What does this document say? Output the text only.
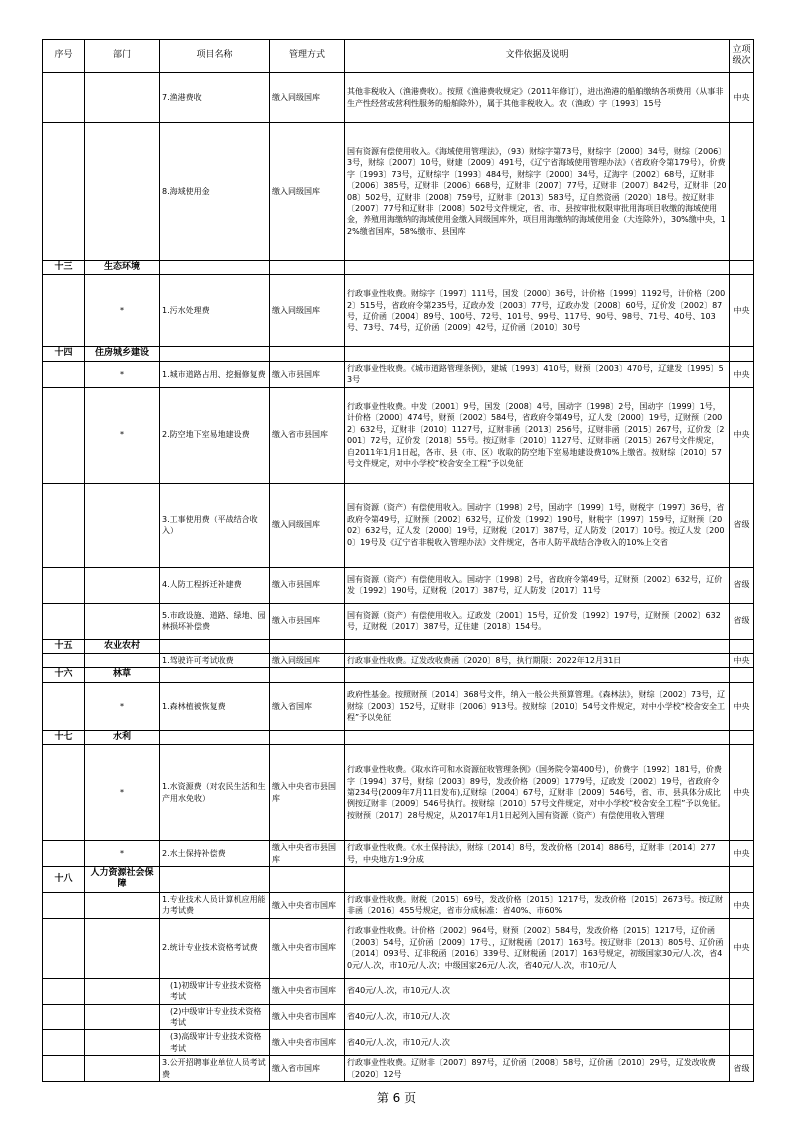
序号	部门	项目名称	管理方式	文件依据及说明	立项级次
		7.渔港费收	缴入同级国库	其他非税收入（渔港费收）。按照《渔港费收规定》（2011年修订），进出渔港的船舶缴纳各项费用（从事非生产性经营或营利性服务的船舶除外），属于其他非税收入。农（渔政）字〔1993〕15号	中央
		8.海域使用金	缴入同级国库	国有资源有偿使用收入。《海域使用管理法》，（93）财综字第73号，财综字〔2000〕34号，财综〔2006〕3号，财综〔2007〕10号，财建〔2009〕491号，《辽宁省海域使用管理办法》（省政府令第179号），价费字〔1993〕73号，辽财综字〔1993〕484号，财综字〔2000〕34号，辽海字〔2002〕68号，辽财非〔2006〕385号，辽财非〔2006〕668号，辽财非〔2007〕77号，辽财非〔2007〕842号，辽财非〔2008〕502号，辽财非〔2008〕759号，辽财非〔2013〕583号，辽自然资函〔2020〕18号。按辽财非〔2007〕77号和辽财非〔2008〕502号文件规定，省、市、县按审批权限审批用海项目收缴的海域使用金，养殖用海缴纳的海域使用金缴入同级国库外，项目用海缴纳的海域使用金（大连除外），30%缴中央，12%缴省国库，58%缴市、县国库	
十三	生态环境				
	*	1.污水处理费	缴入同级国库	行政事业性收费。财综字〔1997〕111号，国发〔2000〕36号，计价格〔1999〕1192号，计价格〔2002〕515号，省政府令第235号，辽政办发〔2003〕77号，辽政办发〔2008〕60号，辽价发〔2002〕87号，辽价函〔2004〕89号、100号、72号、101号、99号、117号、90号、98号、71号、40号、103号、73号、74号，辽价函〔2009〕42号，辽价函〔2010〕30号	中央
十四	住房城乡建设				
	*	1.城市道路占用、挖掘修复费	缴入市县国库	行政事业性收费。《城市道路管理条例》，建城〔1993〕410号，财预〔2003〕470号，辽建发〔1995〕53号	中央
	*	2.防空地下室易地建设费	缴入省市县国库	行政事业性收费。中发〔2001〕9号，国发〔2008〕4号，国动字〔1998〕2号，国动字〔1999〕1号，计价格〔2000〕474号，财预〔2002〕584号，省政府令第49号，辽人发〔2000〕19号，辽财预〔2002〕632号，辽财非〔2010〕1127号，辽财非函〔2013〕256号，辽财非函〔2015〕267号，辽价发〔2001〕72号，辽价发〔2018〕55号。按辽财非〔2010〕1127号、辽财非函〔2015〕267号文件规定，自2011年1月1日起，各市、县（市、区）收取的防空地下室易地建设费10%上缴省。按财综〔2010〕57号文件规定，对中小学校“校舍安全工程”予以免征	中央
		3.工事使用费（平战结合收入）	缴入同级国库	国有资源（资产）有偿使用收入。国动字〔1998〕2号，国动字〔1999〕1号，财税字〔1997〕36号，省政府令第49号，辽财预〔2002〕632号，辽价发〔1992〕190号，财税字〔1997〕159号，辽财预〔2002〕632号，辽人发〔2000〕19号，辽财税〔2017〕387号，辽人防发〔2017〕10号。按辽人发〔2000〕19号及《辽宁省非税收入管理办法》文件规定，各市人防平战结合净收入的10%上交省	省级
		4.人防工程拆迁补建费	缴入市县国库	国有资源（资产）有偿使用收入。国动字〔1998〕2号，省政府令第49号，辽财预〔2002〕632号，辽价发〔1992〕190号，辽财税〔2017〕387号，辽人防发〔2017〕11号	省级
		5.市政设施、道路、绿地、园林损坏补偿费	缴入市县国库	国有资源（资产）有偿使用收入。辽政发〔2001〕15号，辽价发〔1992〕197号，辽财预〔2002〕632号，辽财税〔2017〕387号，辽住建〔2018〕154号。	省级
十五	农业农村				
		1.驾驶许可考试收费	缴入同级国库	行政事业性收费。辽发改收费函〔2020〕8号，执行期限：2022年12月31日	中央
十六	林草				
	*	1.森林植被恢复费	缴入省国库	政府性基金。按照财预〔2014〕368号文件，纳入一般公共预算管理。《森林法》，财综〔2002〕73号，辽财综〔2003〕152号，辽财非〔2006〕913号。按财综〔2010〕54号文件规定，对中小学校“校舍安全工程”予以免征	中央
十七	水利				
	*	1.水资源费（对农民生活和生产用水免收）	缴入中央省市县国库	行政事业性收费。《取水许可和水资源征收管理条例》（国务院令第400号），价费字〔1992〕181号，价费字〔1994〕37号，财综〔2003〕89号，发改价格〔2009〕1779号，辽政发〔2002〕19号，省政府令第234号(2009年7月11日发布),辽财综〔2004〕67号，辽财非〔2009〕546号，省、市、县具体分成比例按辽财非〔2009〕546号执行。按财综〔2010〕57号文件规定，对中小学校“校舍安全工程”予以免征。按财预〔2017〕28号规定，从2017年1月1日起列入国有资源（资产）有偿使用收入管理	中央
	*	2.水土保持补偿费	缴入中央省市县国库	行政事业性收费。《水土保持法》，财综〔2014〕8号，发改价格〔2014〕886号，辽财非〔2014〕277号，中央地方1:9分成	中央
十八	人力资源社会保障				
		1.专业技术人员计算机应用能力考试费	缴入中央省市国库	行政事业性收费。财税〔2015〕69号，发改价格〔2015〕1217号，发改价格〔2015〕2673号。按辽财非函〔2016〕455号规定，省市分成标准：省40%、市60%	中央
		2.统计专业技术资格考试费	缴入中央省市国库	行政事业性收费。计价格〔2002〕964号，财预〔2002〕584号，发改价格〔2015〕1217号，辽价函〔2003〕54号，辽价函〔2009〕17号、，辽财税函〔2017〕163号。按辽财非〔2013〕805号、辽价函〔2014〕093号、辽非税函〔2016〕339号、辽财税函〔2017〕163号规定，初级国家30元/人.次，省40元/人.次，市10元/人.次；中级国家26元/人.次，省40元/人.次，市10元/人	中央
		(1)初级审计专业技术资格考试	缴入中央省市国库	省40元/人.次，市10元/人.次	
		(2)中级审计专业技术资格考试	缴入中央省市国库	省40元/人.次，市10元/人.次	
		(3)高级审计专业技术资格考试	缴入中央省市国库	省40元/人.次，市10元/人.次	
		3.公开招聘事业单位人员考试费	缴入省市国库	行政事业性收费。辽财非〔2007〕897号，辽价函〔2008〕58号，辽价函〔2010〕29号，辽发改收费〔2020〕12号	省级
第 6 页
